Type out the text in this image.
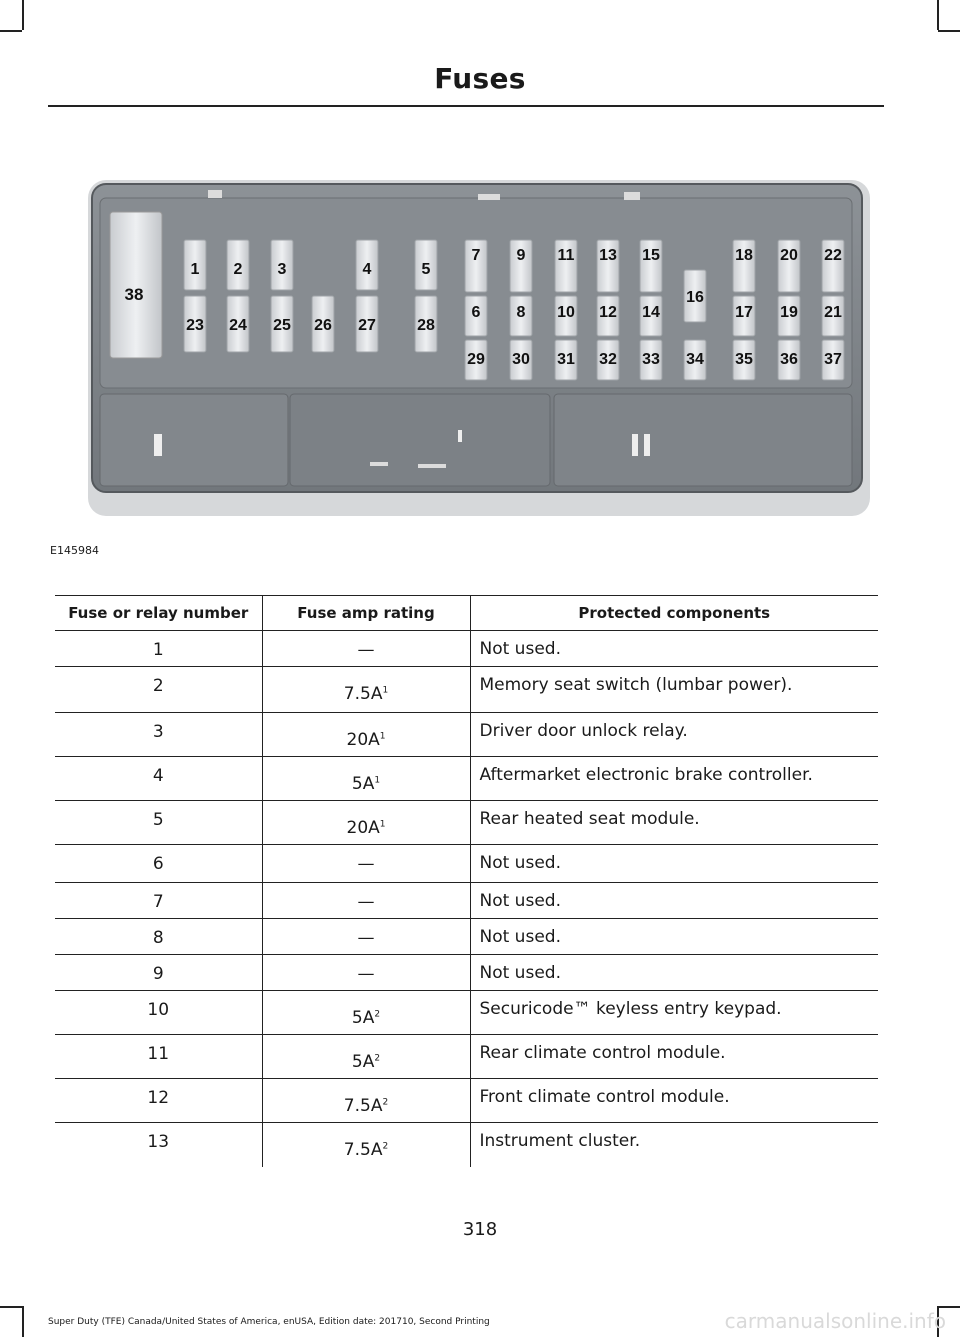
Fuses
38
1 2 3	4	5
23 24 25 26 27	28
7 9 11 13 15	18 20 22
6 8 10 12 14
16
17 19 21
29 30 31 32 33 34 35 36 37
E145984
Fuse or relay number	Fuse amp rating	Protected components
1	—	Not used.
2	$7.5A^1$	Memory seat switch (lumbar power).
3	$20A^1$	Driver door unlock relay.
4	$5A^1$	Aftermarket electronic brake controller.
5	$20A^1$	Rear heated seat module.
6	—	Not used.
7	—	Not used.
8	—	Not used.
9	—	Not used.
10	$5A^2$	Securicode™ keyless entry keypad.
11	$5A^2$	Rear climate control module.
12	$7.5A^2$	Front climate control module.
13	$7.5A^2$	Instrument cluster.
318
Super Duty (TFE) Canada/United States of America, enUSA, Edition date: 201710, Second Printing	carmanualsonline.info
